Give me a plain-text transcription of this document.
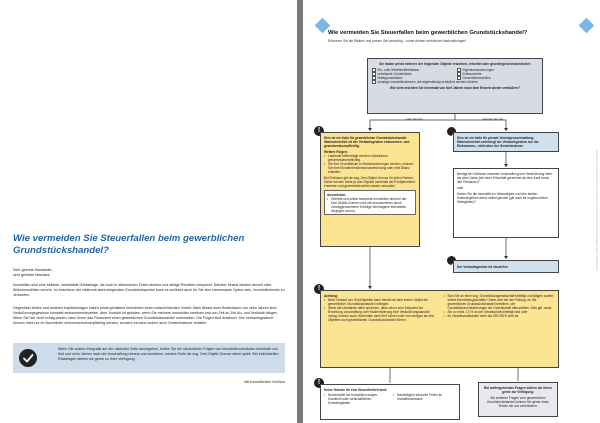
Wie vermeiden Sie Steuerfallen beim gewerblichen Grundstückshandel?
Sehr geehrte Mandantin,
sehr geehrter Mandant,
Immobilien sind eine beliebte, wertstabile Geldanlage, die auch in stürmischen Zeiten sichere und stetige Renditen verspricht. Darüber hinaus werden derzeit viele Wohnimmobilien vererbt. Im Anschluss der vielerorts stark steigenden Grundstückspreise kann es vielleicht auch für Sie eine interessante Option sein, Immobilienbesitz zu verkaufen.
Gegenüber Aktien und anderen Kapitalanlagen haben privat gehaltene Immobilien einen entscheidenden Vorteil: Nach Ablauf einer Besitzdauer von zehn Jahren sind Veräußerungsgewinne komplett einkommensteuerfrei. Aber Vorsicht ist geboten, wenn Sie mehrere Immobilien besitzen und von Zeit zu Zeit An- und Verkäufe tätigen. Wenn Sie hier nicht richtig planen, kann Ihnen das Finanzamt einen gewerblichen Grundstückshandel unterstellen. Die Folgen sind drastisch: Ihre Verkaufsgewinne können nicht nur im Nachhinein einkommensteuerpflichtig werden, sondern es kann zudem auch Gewerbesteuer anfallen.
Wenn Sie unsere Infografik auf der nächsten Seite durchgehen, finden Sie die steuerlichen Folgen von Immobilienverkäufen innerhalb von fünf und zehn Jahren nach der Anschaffung heraus und verstehen, welche Rolle die sog. Drei-Objekt-Grenze dabei spielt. Bei individuellen Rückfragen stehen wir gerne zu Ihrer Verfügung.
Mit freundlichen Grüßen
Wie vermeiden Sie Steuerfallen beim gewerblichen Grundstückshandel?
Erkennen Sie die Risiken und planen Sie umsichtig – sonst drohen erhebliche Nachzahlungen!
Alle Angaben nach bestem Wissen und Gewissen. Keine Haftung für Inhalt und Vollständigkeit. Stand: Mandanten-Info
Sie haben privat mehrere der folgenden Objekte erworben, errichtet oder grundlegend modernisiert:
Ein- oder Mehrfamilienhäuser
unbebaute Grundstücke
Mietsgrundstücke
Eigentumswohnungen
Erbbaurechte
Gewerbeimmobilien
sonstige Immobilienformen, die eigenständig veräußert werden können
Wie viele möchten Sie innerhalb von fünf Jahren nach dem Erwerb wieder veräußern?
mehr als drei	weniger als vier
!
Dies ist ein Indiz für gewerblichen Grundstückshandel. Wahrscheinlich ist der Verkaufsgewinn einkommen- und gewerbesteuerpflichtig.
Weitere Folgen:
• Laufende Mieterträge werden rückwirkend gewerbesteuerpflichtig.
• Die Ihre Grundstücke zu Betriebsvermögen werden, müssen Sie eine Einnahmenüberschussrechnung oder eine Bilanz erstellen.
Bei Ehelosen gilt die sog. Drei-Objekt-Grenze für jeden Partner. Daher können beide je drei Objekte innerhalb der Fünfjahresfrist erwerben und gewerbesteuerfrei wieder verkaufen.
Ausnahmen:
• Geerbte und selbst bewohnte Immobilien sind bei der Drei-Objekt-Grenze nicht mit einzubeziehen durch vorweggenommene Erbfolge übertragene Immobilien hingegen schon).
Dies ist ein Indiz für private Vermögensverwaltung. Wahrscheinlich unterliegt der Verkaufsgewinn nur der Einkommen-, nicht aber der Gewerbesteuer.

Beträgt der Zeitraum zwischen Anschaffung und Veräußerung mehr als zehn Jahre (bei einer Erbschaft gerechnet ab dem Kauf durch den Erblasser)?

oder

Haben Sie die Immobilie im Verkaufsjahr und den beiden Kalenderjahren davor selbst genutzt (gilt auch für ungebrochene Kleingärten)?

Der Verkaufsgewinn ist steuerfrei.
!
Achtung:
• Beim Verkauf von Großobjekten kann bereits ab dem ersten Objekt ein gewerblicher Grundstückshandel vorliegen.
• Wenn die Umstände dafür sprechen, dass schon zum Zeitpunkt der Errichtung, Anschaffung oder Modernisierung eine Veräußerungsabsicht vorlag, können auch Vorbehalte nach fünf Jahren oder von weniger als drei Objekten zum gewerblichen Grundstückshandel führen.
• Sind Sie an einer sog. Grundstücksgesellschaft beteiligt und tätigen zudem selbst Immobiliengeschäfte? Dann wird bei der Prüfung, ob Sie gewerblichen Grundstückshandel betreiben, der Grundstücksveräußerungen der Gesellschaft mitzuzählen. Dies gilt, wenn:
• Sie zu mind. 10 % an der Gesellschaft beteiligt sind oder
• Ihr Gesellschaftsanteil mehr als 250.000 € wert ist.
Bei weitergehenden Fragen stehen wir Ihnen gerne zur Verfügung.
Bei weiteren Fragen zum gewerblichen Grundstückshandel können Sie gerne einen Termin mit uns vereinbaren.
!
Keine Gründe für eine Steuerfreiheit sind:
• Notverkäufe bei Immobilien wegen: Krankheit oder wirtschaftlichen Schwierigkeiten
• Nachträglich erkannte Fehler im Investitionsmodell
